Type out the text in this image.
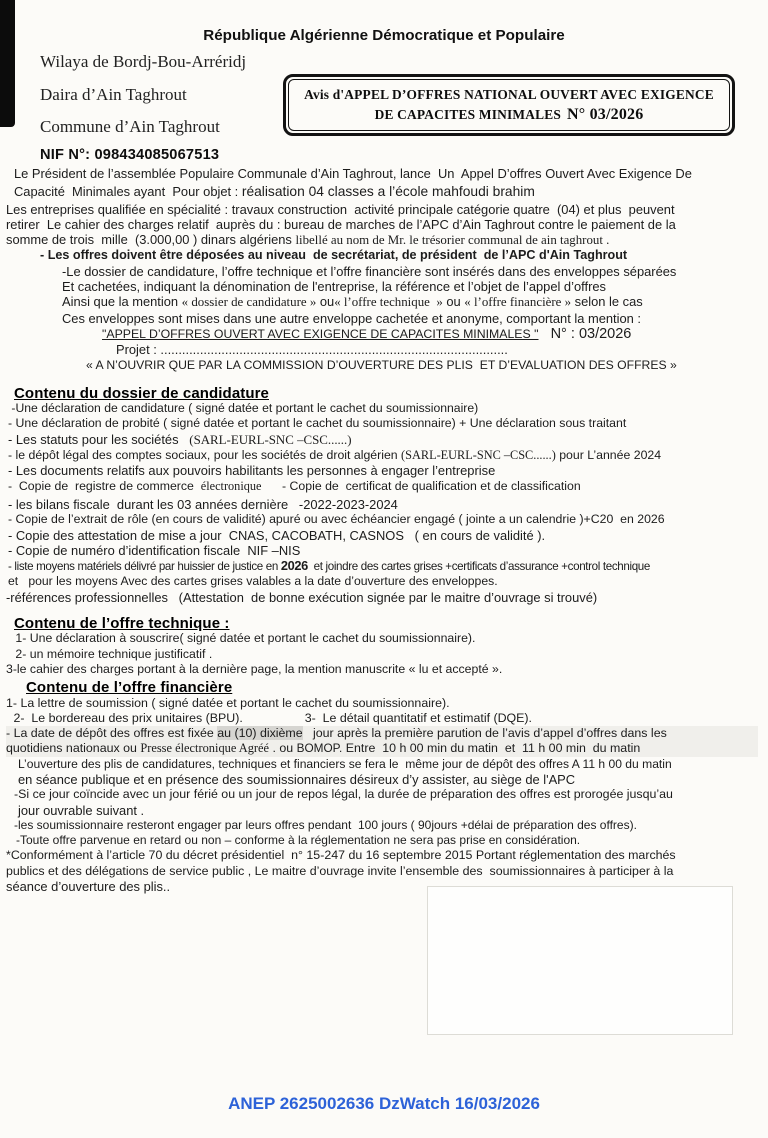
République Algérienne Démocratique et Populaire
Wilaya de Bordj-Bou-Arréridj
Daira d’Ain Taghrout
Commune d’Ain Taghrout
NIF N°: 098434085067513
Avis d'APPEL D’OFFRES NATIONAL OUVERT AVEC EXIGENCE
DE CAPACITES MINIMALES N° 03/2026
Le Président de l’assemblée Populaire Communale d’Ain Taghrout, lance  Un  Appel D’offres Ouvert Avec Exigence De
Capacité  Minimales ayant  Pour objet : réalisation 04 classes a l’école mahfoudi brahim
Les entreprises qualifiée en spécialité : travaux construction  activité principale catégorie quatre  (04) et plus  peuvent
retirer  Le cahier des charges relatif  auprès du : bureau de marches de l’APC d’Ain Taghrout contre le paiement de la
somme de trois  mille  (3.000,00 ) dinars algériens libellé au nom de Mr. le trésorier communal de ain taghrout .
- Les offres doivent être déposées au niveau  de secrétariat, de président  de l’APC d'Ain Taghrout
-Le dossier de candidature, l’offre technique et l’offre financière sont insérés dans des enveloppes séparées
Et cachetées, indiquant la dénomination de l'entreprise, la référence et l’objet de l’appel d’offres
Ainsi que la mention « dossier de candidature » ou« l’offre technique  » ou « l’offre financière » selon le cas
Ces enveloppes sont mises dans une autre enveloppe cachetée et anonyme, comportant la mention :
"APPEL D’OFFRES OUVERT AVEC EXIGENCE DE CAPACITES MINIMALES "   N° : 03/2026
Projet : .................................................................................................
« A N’OUVRIR QUE PAR LA COMMISSION D’OUVERTURE DES PLIS  ET D’EVALUATION DES OFFRES »
Contenu du dossier de candidature
-Une déclaration de candidature ( signé datée et portant le cachet du soumissionnaire)
- Une déclaration de probité ( signé datée et portant le cachet du soumissionnaire) + Une déclaration sous traitant
- Les statuts pour les sociétés   (SARL-EURL-SNC –CSC......)
- le dépôt légal des comptes sociaux, pour les sociétés de droit algérien (SARL-EURL-SNC –CSC......) pour L’année 2024
- Les documents relatifs aux pouvoirs habilitants les personnes à engager l’entreprise
-  Copie de  registre de commerce  électronique      - Copie de  certificat de qualification et de classification
- les bilans fiscale  durant les 03 années dernière   -2022-2023-2024
- Copie de l’extrait de rôle (en cours de validité) apuré ou avec échéancier engagé ( jointe a un calendrie )+C20  en 2026
- Copie des attestation de mise a jour  CNAS, CACOBATH, CASNOS   ( en cours de validité ).
- Copie de numéro d’identification fiscale  NIF –NIS
- liste moyens matériels délivré par huissier de justice en 2026  et joindre des cartes grises +certificats d’assurance +control technique
et   pour les moyens Avec des cartes grises valables a la date d’ouverture des enveloppes.
-références professionnelles   (Attestation  de bonne exécution signée par le maitre d’ouvrage si trouvé)
Contenu de l’offre technique :
1- Une déclaration à souscrire( signé datée et portant le cachet du soumissionnaire).
2- un mémoire technique justificatif .
3-le cahier des charges portant à la dernière page, la mention manuscrite « lu et accepté ».
Contenu de l’offre financière
1- La lettre de soumission ( signé datée et portant le cachet du soumissionnaire).
2-  Le bordereau des prix unitaires (BPU).                  3-  Le détail quantitatif et estimatif (DQE).
- La date de dépôt des offres est fixée au (10) dixième   jour après la première parution de l’avis d’appel d’offres dans les
quotidiens nationaux ou Presse électronique Agréé . ou BOMOP. Entre  10 h 00 min du matin  et  11 h 00 min  du matin
L’ouverture des plis de candidatures, techniques et financiers se fera le  même jour de dépôt des offres A 11 h 00 du matin
en séance publique et en présence des soumissionnaires désireux d’y assister, au siège de l'APC
-Si ce jour coïncide avec un jour férié ou un jour de repos légal, la durée de préparation des offres est prorogée jusqu’au
jour ouvrable suivant .
-les soumissionnaire resteront engager par leurs offres pendant  100 jours ( 90jours +délai de préparation des offres).
-Toute offre parvenue en retard ou non – conforme à la réglementation ne sera pas prise en considération.
*Conformément à l’article 70 du décret présidentiel  n° 15-247 du 16 septembre 2015 Portant réglementation des marchés
publics et des délégations de service public , Le maitre d’ouvrage invite l’ensemble des  soumissionnaires à participer à la
séance d’ouverture des plis..
ANEP 2625002636 DzWatch 16/03/2026
